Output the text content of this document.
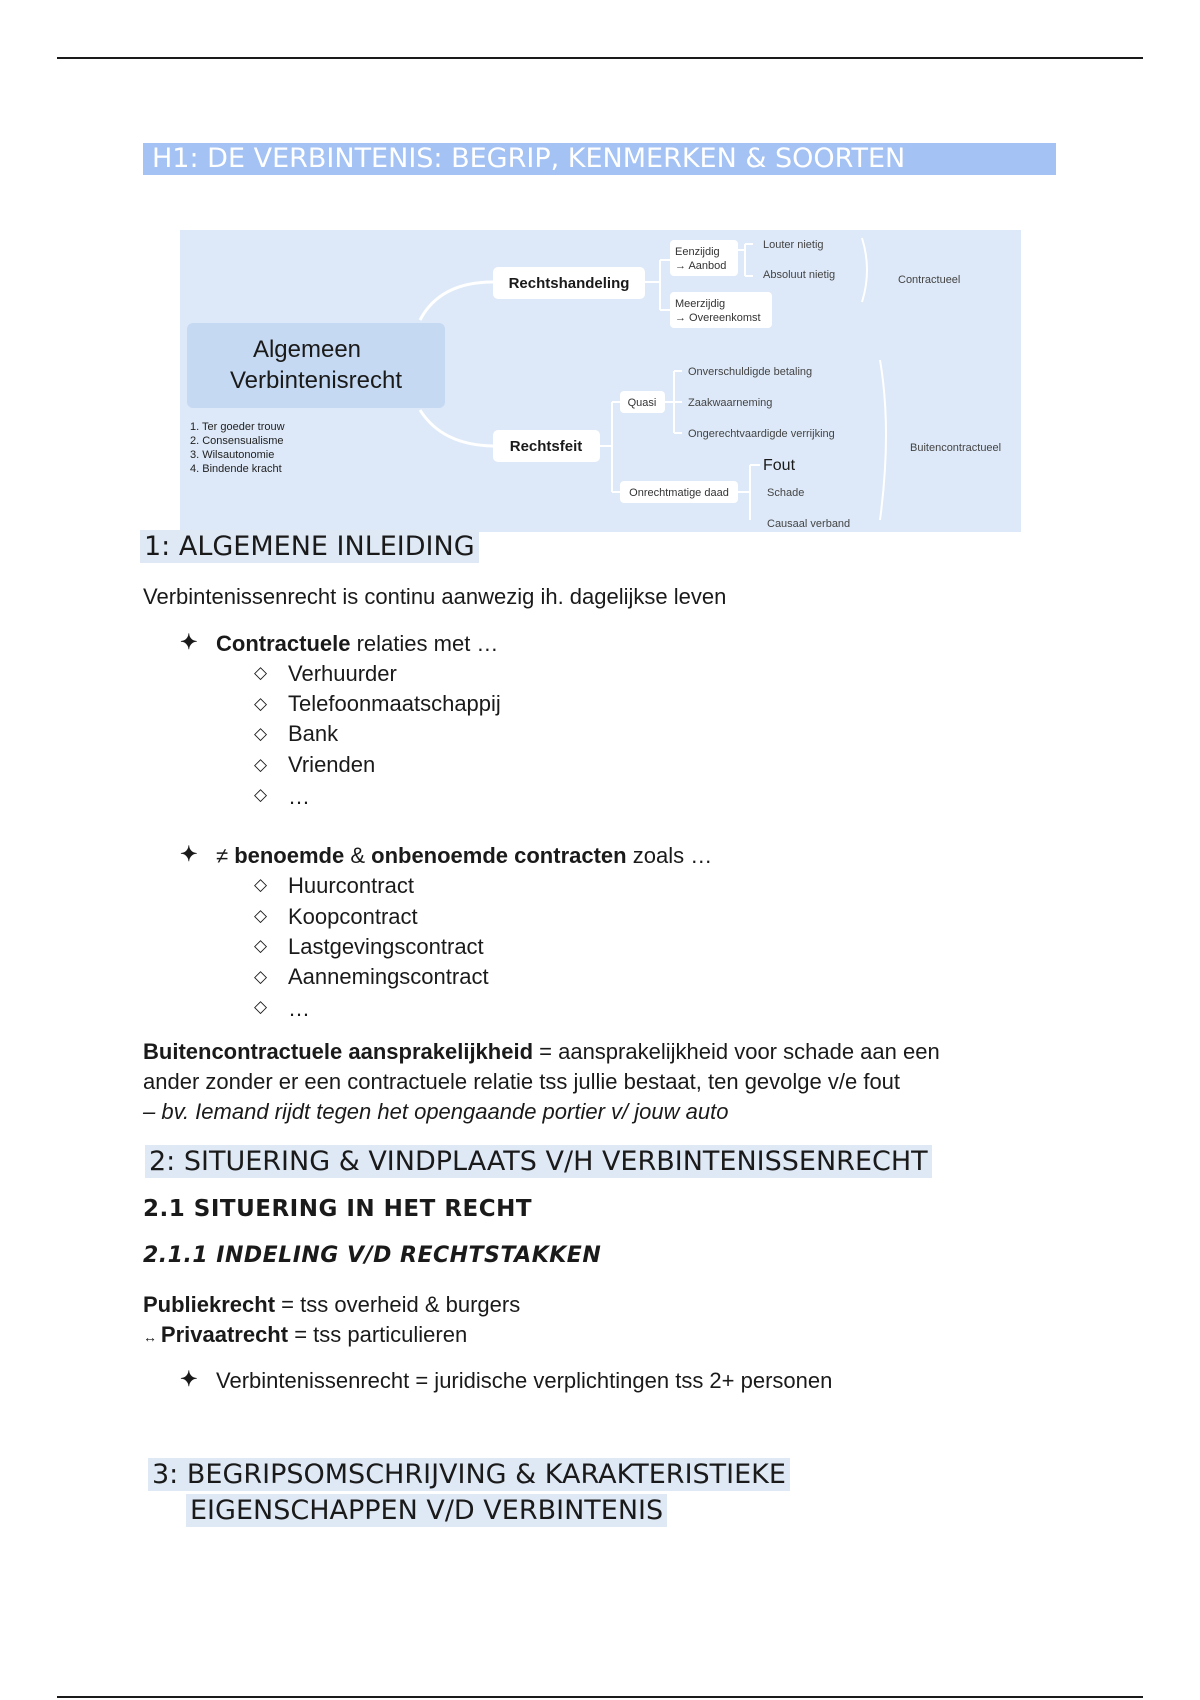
H1: DE VERBINTENIS: BEGRIP, KENMERKEN & SOORTEN
Algemeen
Verbintenisrecht
1. Ter goeder trouw
2. Consensualisme
3. Wilsautonomie
4. Bindende kracht
Rechtshandeling
Rechtsfeit
Eenzijdig
→ Aanbod
Meerzijdig
→ Overeenkomst
Louter nietig
Absoluut nietig	Contractueel
Quasi
Onverschuldigde betaling
Zaakwaarneming
Ongerechtvaardigde verrijking
Onrechtmatige daad
Fout
Schade
Causaal verband
Buitencontractueel
1: ALGEMENE INLEIDING
Verbintenissenrecht is continu aanwezig ih. dagelijkse leven
✦ Contractuele relaties met …
◇ Verhuurder
◇ Telefoonmaatschappij
◇ Bank
◇ Vrienden
◇ …
✦ ≠ benoemde & onbenoemde contracten zoals …
◇ Huurcontract
◇ Koopcontract
◇ Lastgevingscontract
◇ Aannemingscontract
◇ …
Buitencontractuele aansprakelijkheid = aansprakelijkheid voor schade aan een
ander zonder er een contractuele relatie tss jullie bestaat, ten gevolge v/e fout
– bv. Iemand rijdt tegen het opengaande portier v/ jouw auto
2: SITUERING & VINDPLAATS V/H VERBINTENISSENRECHT
2.1 SITUERING IN HET RECHT
2.1.1 INDELING V/D RECHTSTAKKEN
Publiekrecht = tss overheid & burgers
↔ Privaatrecht = tss particulieren
✦ Verbintenissenrecht = juridische verplichtingen tss 2+ personen
3: BEGRIPSOMSCHRIJVING & KARAKTERISTIEKE
EIGENSCHAPPEN V/D VERBINTENIS
